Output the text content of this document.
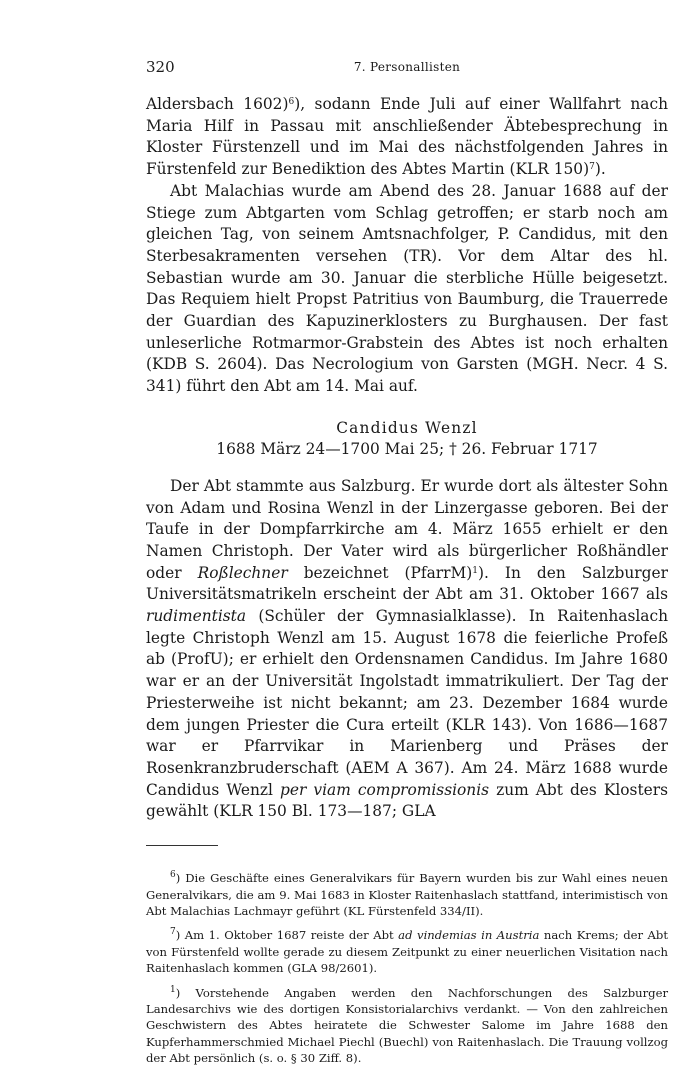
320	7. Personallisten

Aldersbach 1602)$^6$), sodann Ende Juli auf einer Wallfahrt nach Maria Hilf in Passau mit anschließender Äbtebesprechung in Kloster Fürstenzell und im Mai des nächstfolgenden Jahres in Fürstenfeld zur Benediktion des Abtes Martin (KLR 150)$^7$).

Abt Malachias wurde am Abend des 28. Januar 1688 auf der Stiege zum Abtgarten vom Schlag getroffen; er starb noch am gleichen Tag, von seinem Amtsnachfolger, P. Candidus, mit den Sterbesakramenten versehen (TR). Vor dem Altar des hl. Sebastian wurde am 30. Januar die sterbliche Hülle beigesetzt. Das Requiem hielt Propst Patritius von Baumburg, die Trauerrede der Guardian des Kapuzinerklosters zu Burghausen. Der fast unleserliche Rotmarmor-Grabstein des Abtes ist noch erhalten (KDB S. 2604). Das Necrologium von Garsten (MGH. Necr. 4 S. 341) führt den Abt am 14. Mai auf.

Candidus Wenzl
1688 März 24—1700 Mai 25; † 26. Februar 1717

Der Abt stammte aus Salzburg. Er wurde dort als ältester Sohn von Adam und Rosina Wenzl in der Linzergasse geboren. Bei der Taufe in der Dompfarrkirche am 4. März 1655 erhielt er den Namen Christoph. Der Vater wird als bürgerlicher Roßhändler oder Roßlechner bezeichnet (PfarrM)$^1$). In den Salzburger Universitätsmatrikeln erscheint der Abt am 31. Oktober 1667 als rudimentista (Schüler der Gymnasialklasse). In Raitenhaslach legte Christoph Wenzl am 15. August 1678 die feierliche Profeß ab (ProfU); er erhielt den Ordensnamen Candidus. Im Jahre 1680 war er an der Universität Ingolstadt immatrikuliert. Der Tag der Priesterweihe ist nicht bekannt; am 23. Dezember 1684 wurde dem jungen Priester die Cura erteilt (KLR 143). Von 1686—1687 war er Pfarrvikar in Marienberg und Präses der Rosenkranzbruderschaft (AEM A 367). Am 24. März 1688 wurde Candidus Wenzl per viam compromissionis zum Abt des Klosters gewählt (KLR 150 Bl. 173—187; GLA

$^6$) Die Geschäfte eines Generalvikars für Bayern wurden bis zur Wahl eines neuen Generalvikars, die am 9. Mai 1683 in Kloster Raitenhaslach stattfand, interimistisch von Abt Malachias Lachmayr geführt (KL Fürstenfeld 334/II).

$^7$) Am 1. Oktober 1687 reiste der Abt ad vindemias in Austria nach Krems; der Abt von Fürstenfeld wollte gerade zu diesem Zeitpunkt zu einer neuerlichen Visitation nach Raitenhaslach kommen (GLA 98/2601).

$^1$) Vorstehende Angaben werden den Nachforschungen des Salzburger Landesarchivs wie des dortigen Konsistorialarchivs verdankt. — Von den zahlreichen Geschwistern des Abtes heiratete die Schwester Salome im Jahre 1688 den Kupferhammerschmied Michael Piechl (Buechl) von Raitenhaslach. Die Trauung vollzog der Abt persönlich (s. o. § 30 Ziff. 8).
